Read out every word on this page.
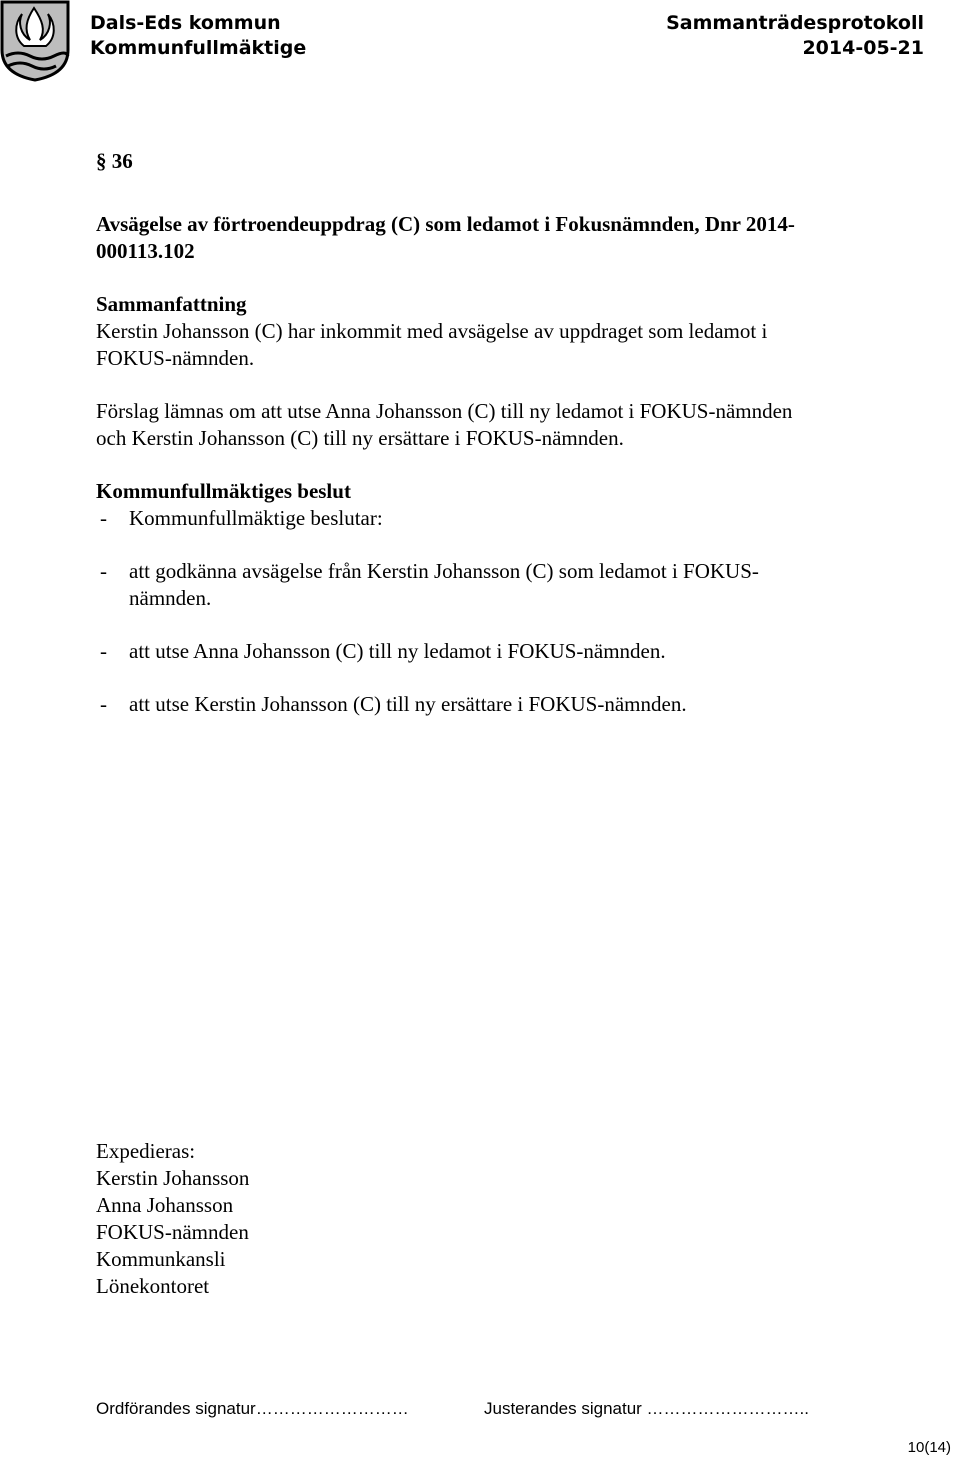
Dals-Eds kommun
Kommunfullmäktige
Sammanträdesprotokoll
2014-05-21
§ 36
Avsägelse av förtroendeuppdrag (C) som ledamot i Fokusnämnden, Dnr 2014-
000113.102
Sammanfattning
Kerstin Johansson (C) har inkommit med avsägelse av uppdraget som ledamot i
FOKUS-nämnden.
Förslag lämnas om att utse Anna Johansson (C) till ny ledamot i FOKUS-nämnden
och Kerstin Johansson (C) till ny ersättare i FOKUS-nämnden.
Kommunfullmäktiges beslut
-	Kommunfullmäktige beslutar:
-	att godkänna avsägelse från Kerstin Johansson (C) som ledamot i FOKUS-
nämnden.
-	att utse Anna Johansson (C) till ny ledamot i FOKUS-nämnden.
-	att utse Kerstin Johansson (C) till ny ersättare i FOKUS-nämnden.
Expedieras:
Kerstin Johansson
Anna Johansson
FOKUS-nämnden
Kommunkansli
Lönekontoret
Ordförandes signatur………………………	Justerandes signatur ………………………..
10(14)
